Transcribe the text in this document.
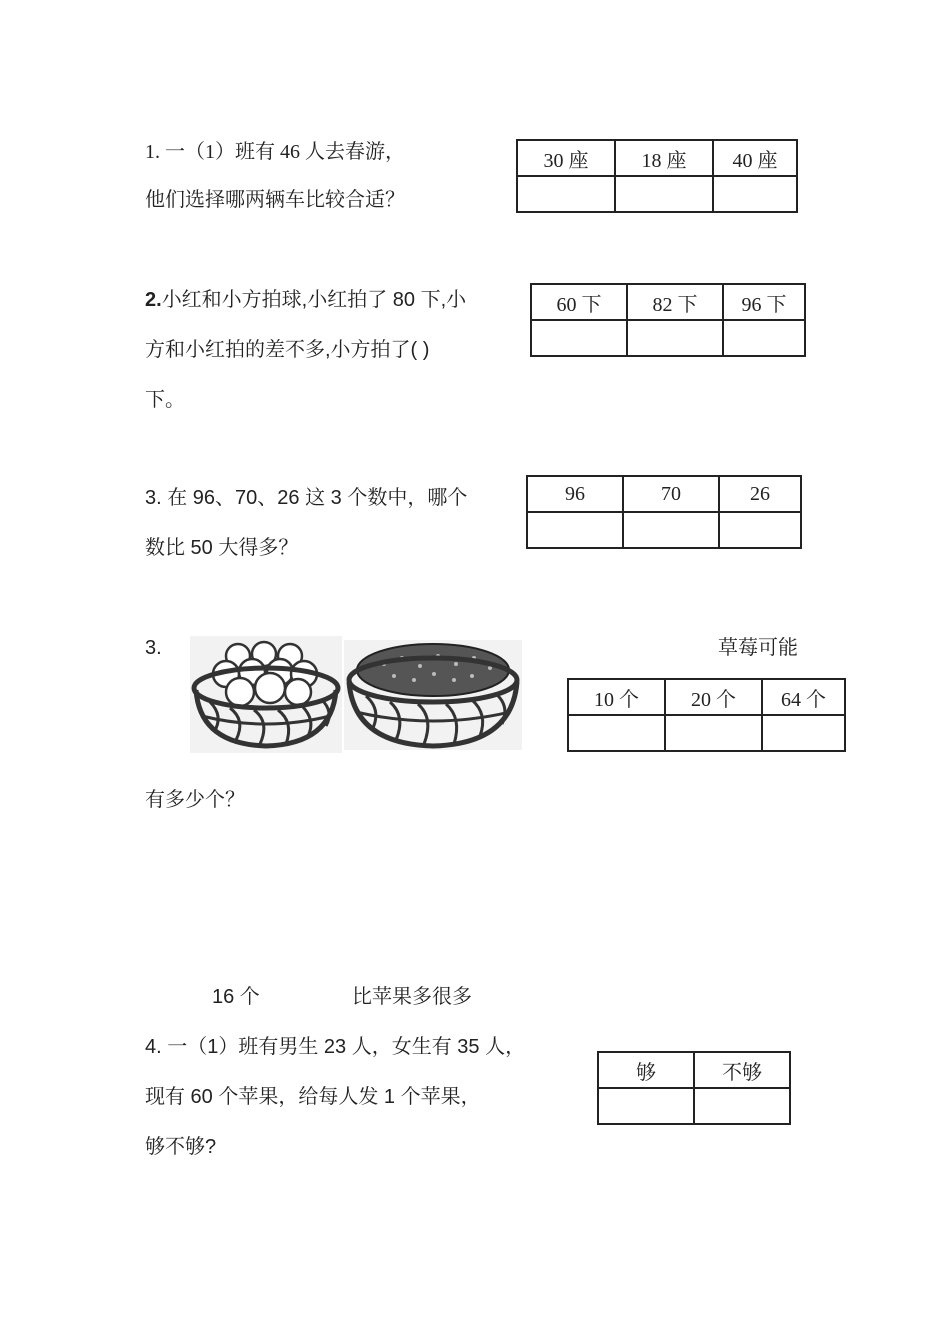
1. 一（1）班有 46 人去春游，
他们选择哪两辆车比较合适？
30 座	18 座	40 座

2.小红和小方拍球,小红拍了 80 下,小
方和小红拍的差不多,小方拍了( )
下。
60 下	82 下	96 下

3. 在 96、70、26 这 3 个数中，哪个
数比 50 大得多？
96	70	26

3.	草莓可能
10 个	20 个	64 个

有多少个？
16 个	比苹果多很多
4. 一（1）班有男生 23 人，女生有 35 人，
现有 60 个苹果，给每人发 1 个苹果，
够不够?
够	不够
